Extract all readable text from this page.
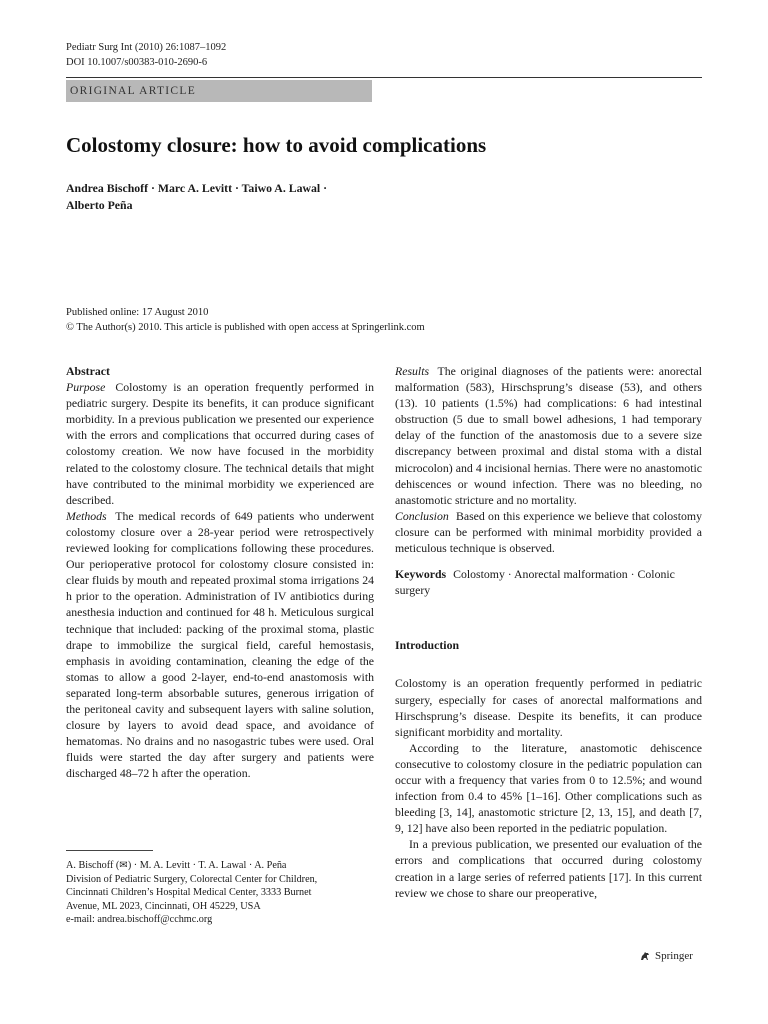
Pediatr Surg Int (2010) 26:1087–1092
DOI 10.1007/s00383-010-2690-6
ORIGINAL ARTICLE
Colostomy closure: how to avoid complications
Andrea Bischoff · Marc A. Levitt · Taiwo A. Lawal ·
Alberto Peña
Published online: 17 August 2010
© The Author(s) 2010. This article is published with open access at Springerlink.com

Abstract

Purpose Colostomy is an operation frequently performed in pediatric surgery. Despite its benefits, it can produce significant morbidity. In a previous publication we presented our experience with the errors and complications that occurred during cases of colostomy creation. We now have focused in the morbidity related to the colostomy closure. The technical details that might have contributed to the minimal morbidity we experienced are described.

Methods The medical records of 649 patients who underwent colostomy closure over a 28-year period were retrospectively reviewed looking for complications following these procedures. Our perioperative protocol for colostomy closure consisted in: clear fluids by mouth and repeated proximal stoma irrigations 24 h prior to the operation. Administration of IV antibiotics during anesthesia induction and continued for 48 h. Meticulous surgical technique that included: packing of the proximal stoma, plastic drape to immobilize the surgical field, careful hemostasis, emphasis in avoiding contamination, cleaning the edge of the stomas to allow a good 2-layer, end-to-end anastomosis with separated long-term absorbable sutures, generous irrigation of the peritoneal cavity and subsequent layers with saline solution, closure by layers to avoid dead space, and avoidance of hematomas. No drains and no nasogastric tubes were used. Oral fluids were started the day after surgery and patients were discharged 48–72 h after the operation.

Results The original diagnoses of the patients were: anorectal malformation (583), Hirschsprung’s disease (53), and others (13). 10 patients (1.5%) had complications: 6 had intestinal obstruction (5 due to small bowel adhesions, 1 had temporary delay of the function of the anastomosis due to a severe size discrepancy between proximal and distal stoma with a distal microcolon) and 4 incisional hernias. There were no anastomotic dehiscences or wound infection. There was no bleeding, no anastomotic stricture and no mortality.

Conclusion Based on this experience we believe that colostomy closure can be performed with minimal morbidity provided a meticulous technique is observed.

Keywords Colostomy · Anorectal malformation · Colonic surgery

Introduction

Colostomy is an operation frequently performed in pediatric surgery, especially for cases of anorectal malformations and Hirschsprung’s disease. Despite its benefits, it can produce significant morbidity and mortality.

According to the literature, anastomotic dehiscence consecutive to colostomy closure in the pediatric population can occur with a frequency that varies from 0 to 12.5%; and wound infection from 0.4 to 45% [1–16]. Other complications such as bleeding [3, 14], anastomotic stricture [2, 13, 15], and death [7, 9, 12] have also been reported in the pediatric population.

In a previous publication, we presented our evaluation of the errors and complications that occurred during colostomy creation in a large series of referred patients [17]. In this current review we chose to share our preoperative,

A. Bischoff (✉) · M. A. Levitt · T. A. Lawal · A. Peña
Division of Pediatric Surgery, Colorectal Center for Children,
Cincinnati Children’s Hospital Medical Center, 3333 Burnet
Avenue, ML 2023, Cincinnati, OH 45229, USA
e-mail: andrea.bischoff@cchmc.org
Springer
